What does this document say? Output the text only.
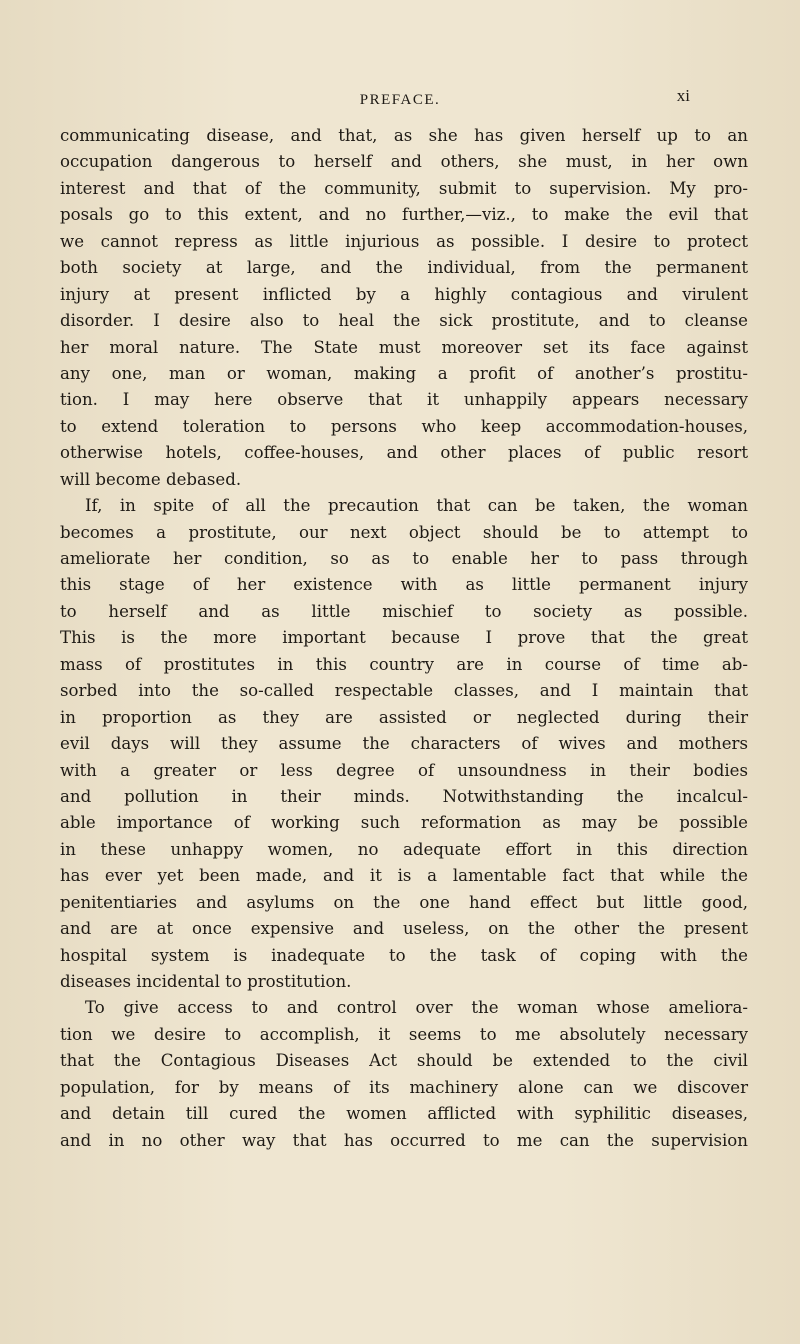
PREFACE.	xi
communicating disease, and that, as she has given herself up to an
occupation dangerous to herself and others, she must, in her own
interest and that of the community, submit to supervision. My pro-
posals go to this extent, and no further,—viz., to make the evil that
we cannot repress as little injurious as possible. I desire to protect
both society at large, and the individual, from the permanent
injury at present inflicted by a highly contagious and virulent
disorder. I desire also to heal the sick prostitute, and to cleanse
her moral nature. The State must moreover set its face against
any one, man or woman, making a profit of another’s prostitu-
tion. I may here observe that it unhappily appears necessary
to extend toleration to persons who keep accommodation-houses,
otherwise hotels, coffee-houses, and other places of public resort
will become debased.
If, in spite of all the precaution that can be taken, the woman
becomes a prostitute, our next object should be to attempt to
ameliorate her condition, so as to enable her to pass through
this stage of her existence with as little permanent injury
to herself and as little mischief to society as possible.
This is the more important because I prove that the great
mass of prostitutes in this country are in course of time ab-
sorbed into the so-called respectable classes, and I maintain that
in proportion as they are assisted or neglected during their
evil days will they assume the characters of wives and mothers
with a greater or less degree of unsoundness in their bodies
and pollution in their minds. Notwithstanding the incalcul-
able importance of working such reformation as may be possible
in these unhappy women, no adequate effort in this direction
has ever yet been made, and it is a lamentable fact that while the
penitentiaries and asylums on the one hand effect but little good,
and are at once expensive and useless, on the other the present
hospital system is inadequate to the task of coping with the
diseases incidental to prostitution.
To give access to and control over the woman whose ameliora-
tion we desire to accomplish, it seems to me absolutely necessary
that the Contagious Diseases Act should be extended to the civil
population, for by means of its machinery alone can we discover
and detain till cured the women afflicted with syphilitic diseases,
and in no other way that has occurred to me can the supervision
